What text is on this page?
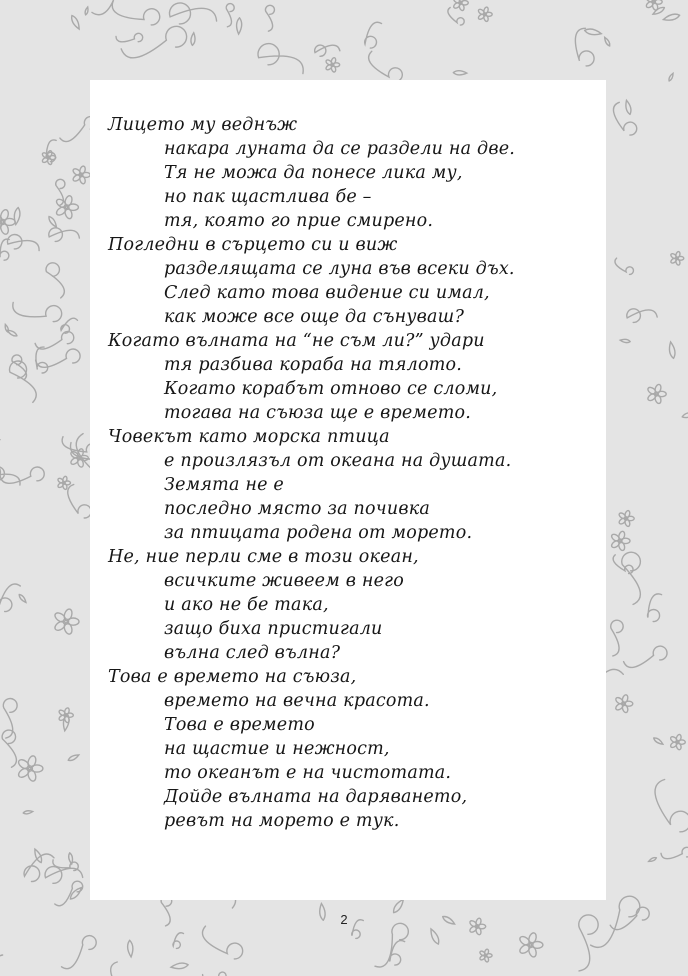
Лицето му веднъж
накара луната да се раздели на две.
Тя не можа да понесе лика му,
но пак щастлива бе –
тя, която го прие смирено.
Погледни в сърцето си и виж
разделящата се луна във всеки дъх.
След като това видение си имал,
как може все още да сънуваш?
Когато вълната на “не съм ли?” удари
тя разбива кораба на тялото.
Когато корабът отново се сломи,
тогава на съюза ще е времето.
Човекът като морска птица
е произлязъл от океана на душата.
Земята не е
последно място за почивка
за птицата родена от морето.
Не, ние перли сме в този океан,
всичките живеем в него
и ако не бе така,
защо биха пристигали
вълна след вълна?
Това е времето на съюза,
времето на вечна красота.
Това е времето
на щастие и нежност,
то океанът е на чистотата.
Дойде вълната на даряването,
ревът на морето е тук.
2
